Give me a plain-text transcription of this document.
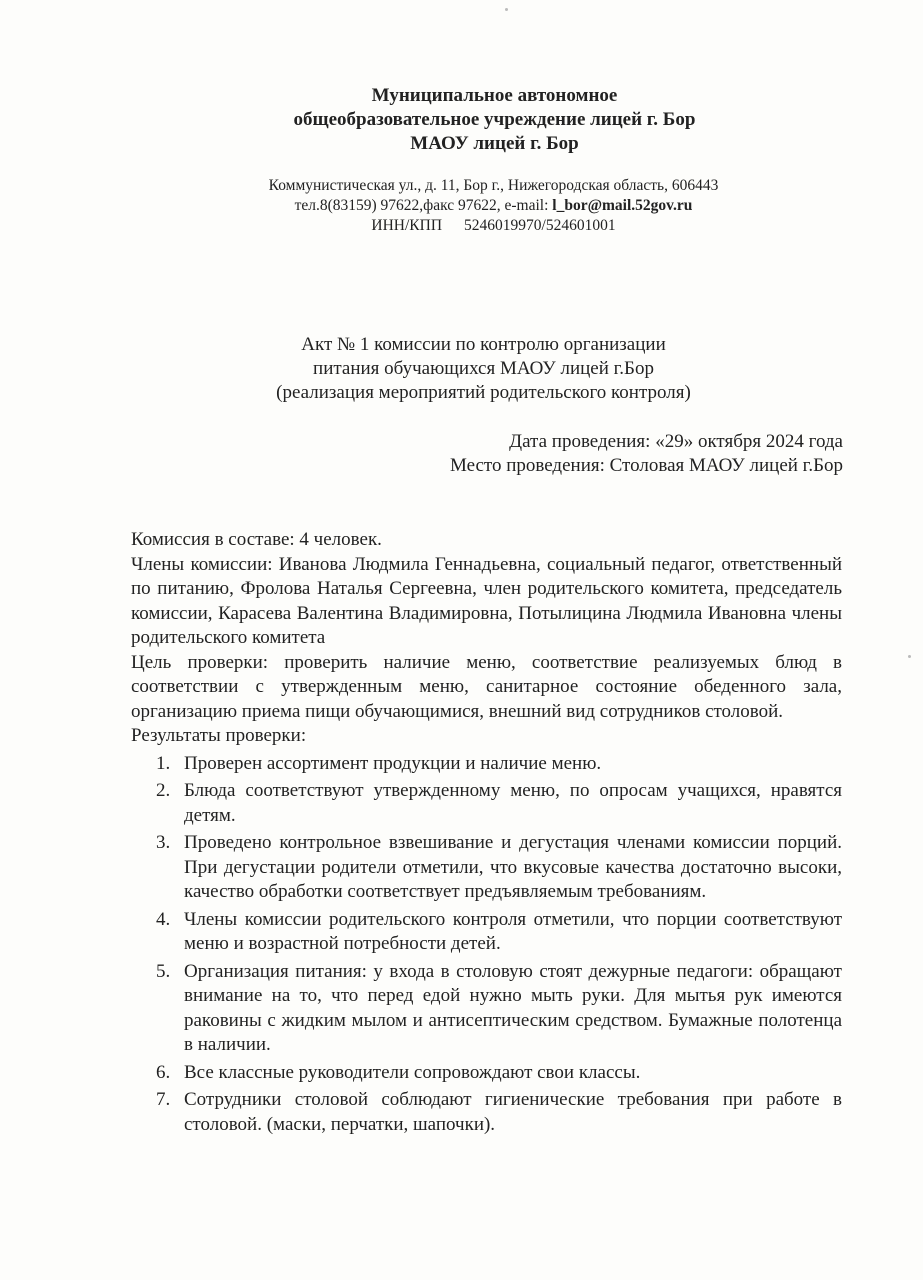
Муниципальное автономное
общеобразовательное учреждение лицей г. Бор
МАОУ лицей г. Бор
Коммунистическая ул., д. 11, Бор г., Нижегородская область, 606443
тел.8(83159) 97622,факс 97622, e-mail: l_bor@mail.52gov.ru
ИНН/КПП 5246019970/524601001
Акт № 1 комиссии по контролю организации
питания обучающихся МАОУ лицей г.Бор
(реализация мероприятий родительского контроля)
Дата проведения: «29» октября 2024 года
Место проведения: Столовая МАОУ лицей г.Бор

Комиссия в составе: 4 человек.

Члены комиссии: Иванова Людмила Геннадьевна, социальный педагог, ответственный по питанию, Фролова Наталья Сергеевна, член родительского комитета, председатель комиссии, Карасева Валентина Владимировна, Потылицина Людмила Ивановна члены родительского комитета

Цель проверки: проверить наличие меню, соответствие реализуемых блюд в соответствии с утвержденным меню, санитарное состояние обеденного зала, организацию приема пищи обучающимися, внешний вид сотрудников столовой.

Результаты проверки:

1. Проверен ассортимент продукции и наличие меню.
2. Блюда соответствуют утвержденному меню, по опросам учащихся, нравятся детям.
3. Проведено контрольное взвешивание и дегустация членами комиссии порций. При дегустации родители отметили, что вкусовые качества достаточно высоки, качество обработки соответствует предъявляемым требованиям.
4. Члены комиссии родительского контроля отметили, что порции соответствуют меню и возрастной потребности детей.
5. Организация питания: у входа в столовую стоят дежурные педагоги: обращают внимание на то, что перед едой нужно мыть руки. Для мытья рук имеются раковины с жидким мылом и антисептическим средством. Бумажные полотенца в наличии.
6. Все классные руководители сопровождают свои классы.
7. Сотрудники столовой соблюдают гигиенические требования при работе в столовой. (маски, перчатки, шапочки).
